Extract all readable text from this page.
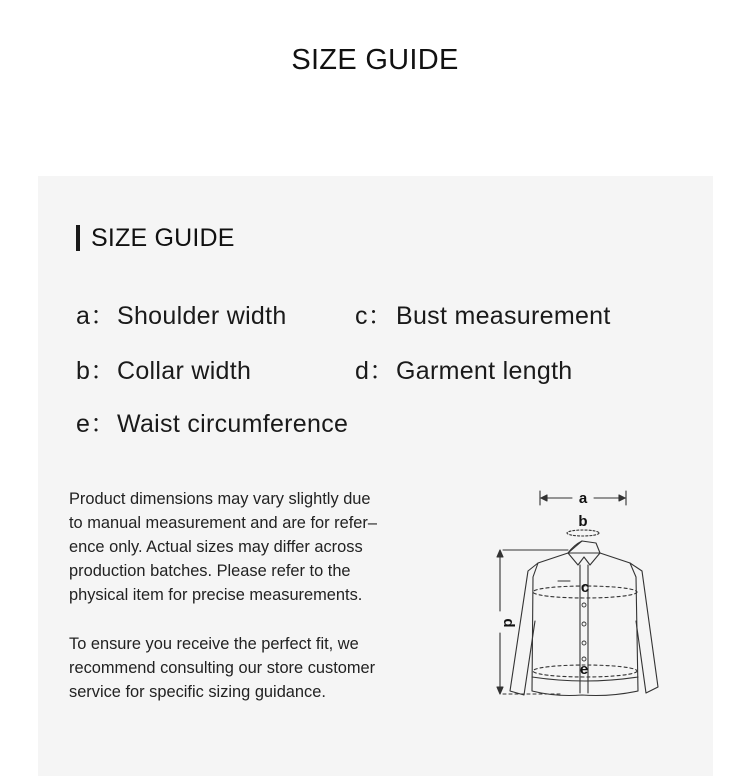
SIZE GUIDE
SIZE GUIDE
a：Shoulder width	c： Bust measurement
b：Collar width	d：Garment length
e：Waist circumference
Product dimensions may vary slightly due
to manual measurement and are for refer–
ence only. Actual sizes may differ across
production batches. Please refer to the
physical item for precise measurements.
To ensure you receive the perfect fit, we
recommend consulting our store customer
service for specific sizing guidance.
a
b
c
e
d
